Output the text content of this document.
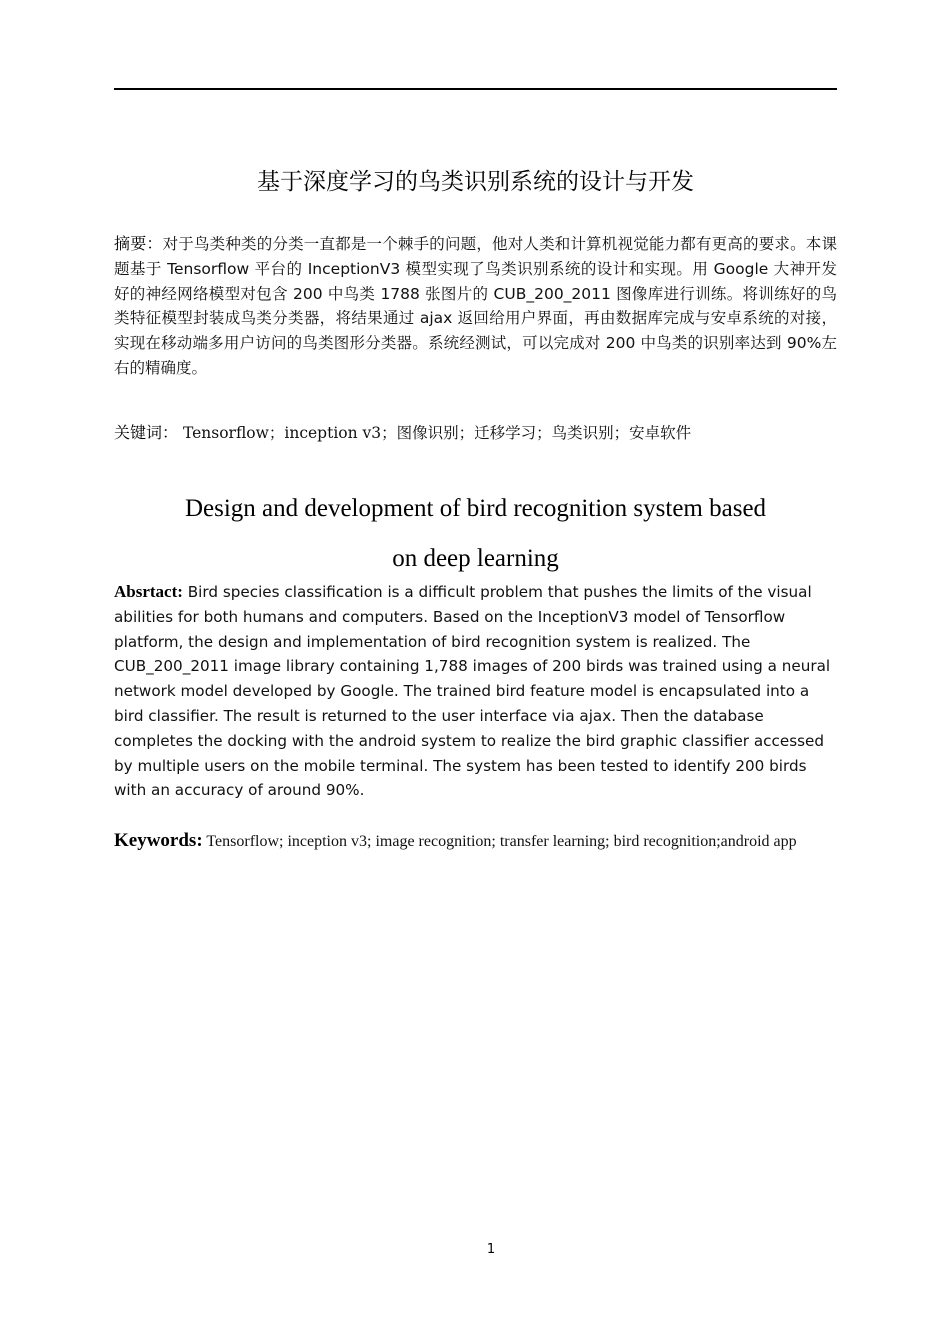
基于深度学习的鸟类识别系统的设计与开发
摘要：对于鸟类种类的分类一直都是一个棘手的问题，他对人类和计算机视觉能力都有更高的要求。本课题基于 Tensorflow 平台的 InceptionV3 模型实现了鸟类识别系统的设计和实现。用 Google 大神开发好的神经网络模型对包含 200 中鸟类 1788 张图片的 CUB_200_2011 图像库进行训练。将训练好的鸟类特征模型封装成鸟类分类器，将结果通过 ajax 返回给用户界面，再由数据库完成与安卓系统的对接，实现在移动端多用户访问的鸟类图形分类器。系统经测试，可以完成对 200 中鸟类的识别率达到 90%左右的精确度。
关键词： Tensorflow；inception v3；图像识别；迁移学习；鸟类识别；安卓软件
Design and development of bird recognition system based
on deep learning
Absrtact: Bird species classification is a difficult problem that pushes the limits of the visual abilities for both humans and computers. Based on the InceptionV3 model of Tensorflow platform, the design and implementation of bird recognition system is realized. The CUB_200_2011 image library containing 1,788 images of 200 birds was trained using a neural network model developed by Google. The trained bird feature model is encapsulated into a bird classifier. The result is returned to the user interface via ajax. Then the database completes the docking with the android system to realize the bird graphic classifier accessed by multiple users on the mobile terminal. The system has been tested to identify 200 birds with an accuracy of around 90%.
Keywords: Tensorflow; inception v3; image recognition; transfer learning; bird recognition;android app
1
